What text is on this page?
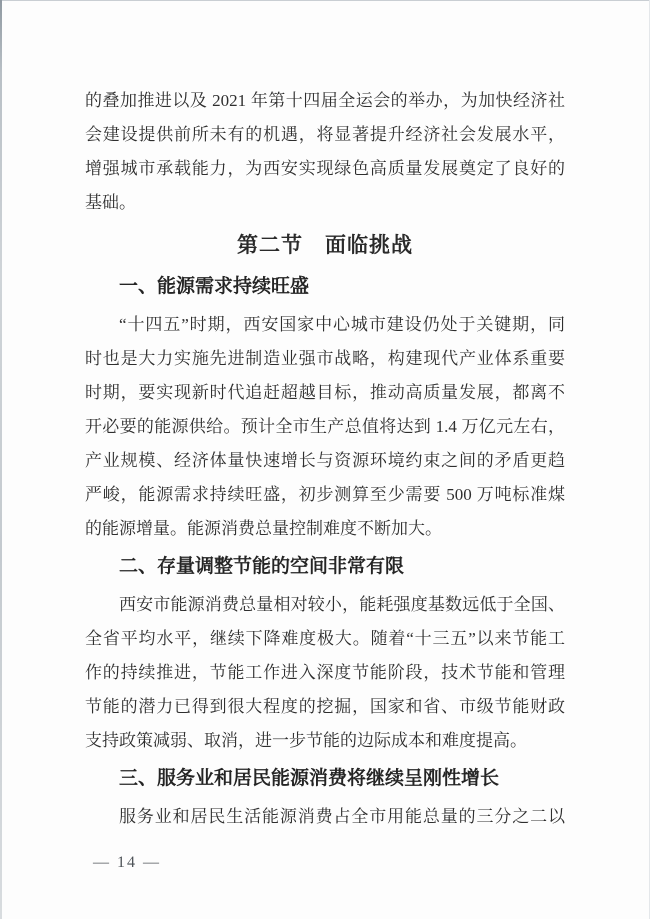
的叠加推进以及 2021 年第十四届全运会的举办，为加快经济社
会建设提供前所未有的机遇，将显著提升经济社会发展水平，
增强城市承载能力，为西安实现绿色高质量发展奠定了良好的
基础。
第二节　面临挑战
一、能源需求持续旺盛
“十四五”时期，西安国家中心城市建设仍处于关键期，同
时也是大力实施先进制造业强市战略，构建现代产业体系重要
时期，要实现新时代追赶超越目标，推动高质量发展，都离不
开必要的能源供给。预计全市生产总值将达到 1.4 万亿元左右，
产业规模、经济体量快速增长与资源环境约束之间的矛盾更趋
严峻，能源需求持续旺盛，初步测算至少需要 500 万吨标准煤
的能源增量。能源消费总量控制难度不断加大。
二、存量调整节能的空间非常有限
西安市能源消费总量相对较小，能耗强度基数远低于全国、
全省平均水平，继续下降难度极大。随着“十三五”以来节能工
作的持续推进，节能工作进入深度节能阶段，技术节能和管理
节能的潜力已得到很大程度的挖掘，国家和省、市级节能财政
支持政策减弱、取消，进一步节能的边际成本和难度提高。
三、服务业和居民能源消费将继续呈刚性增长
服务业和居民生活能源消费占全市用能总量的三分之二以
— 14 —
